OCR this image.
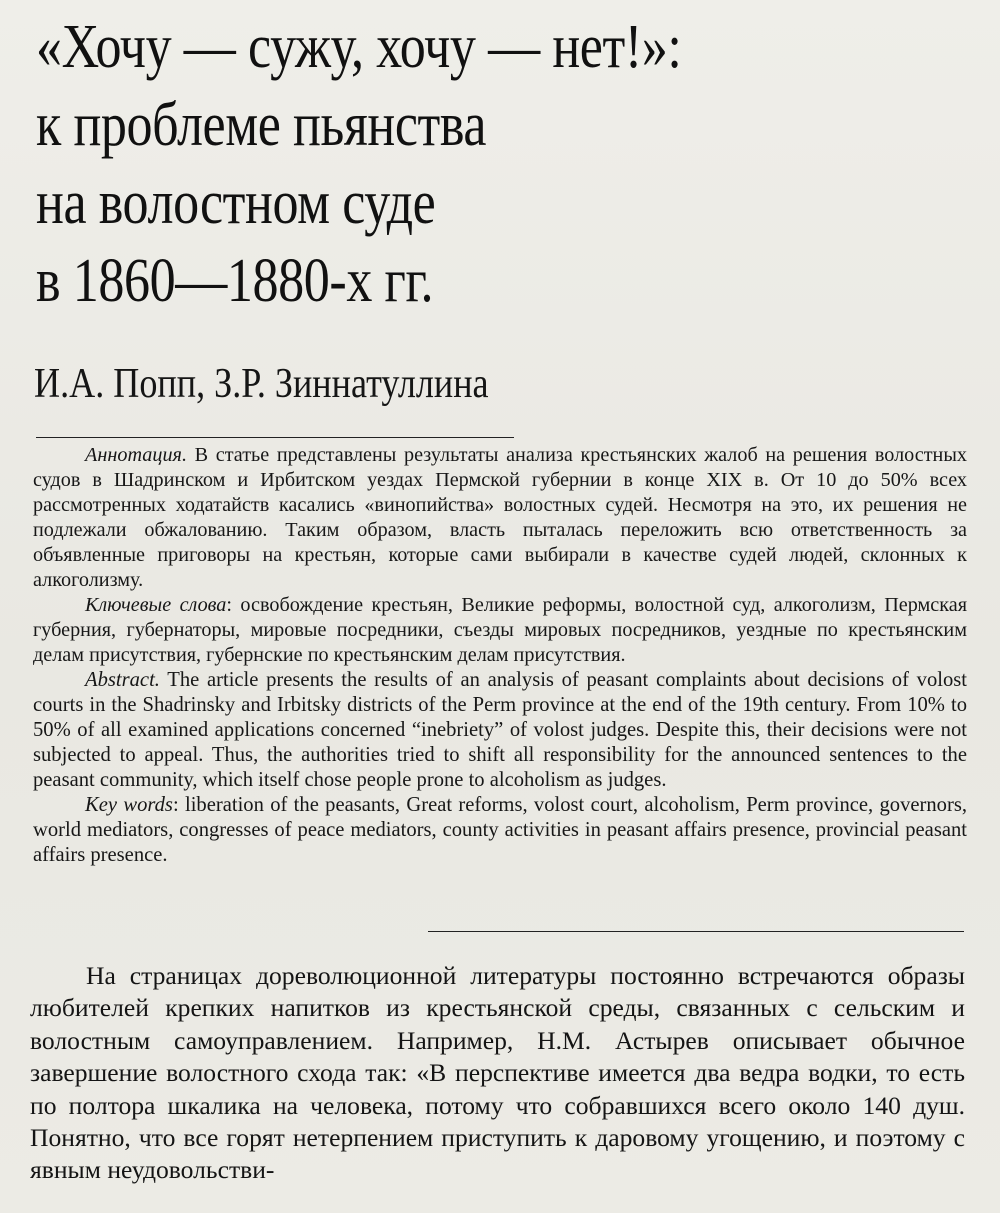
«Хочу — сужу, хочу — нет!»:
к проблеме пьянства
на волостном суде
в 1860—1880-х гг.
И.А. Попп, З.Р. Зиннатуллина

Аннотация. В статье представлены результаты анализа крестьянских жалоб на решения волостных судов в Шадринском и Ирбитском уездах Пермской губернии в конце XIX в. От 10 до 50% всех рассмотренных ходатайств касались «винопийства» волостных судей. Несмотря на это, их решения не подлежали обжалованию. Таким образом, власть пыталась переложить всю ответственность за объявленные приговоры на крестьян, которые сами выбирали в качестве судей людей, склонных к алкоголизму.

Ключевые слова: освобождение крестьян, Великие реформы, волостной суд, алкоголизм, Пермская губерния, губернаторы, мировые посредники, съезды мировых посредников, уездные по крестьянским делам присутствия, губернские по крестьянским делам присутствия.

Abstract. The article presents the results of an analysis of peasant complaints about decisions of volost courts in the Shadrinsky and Irbitsky districts of the Perm province at the end of the 19th century. From 10% to 50% of all examined applications concerned “inebriety” of volost judges. Despite this, their decisions were not subjected to appeal. Thus, the authorities tried to shift all responsibility for the announced sentences to the peasant community, which itself chose people prone to alcoholism as judges.

Key words: liberation of the peasants, Great reforms, volost court, alcoholism, Perm province, governors, world mediators, congresses of peace mediators, county activities in peasant affairs presence, provincial peasant affairs presence.

На страницах дореволюционной литературы постоянно встречаются образы любителей крепких напитков из крестьянской среды, связанных с сельским и волостным самоуправлением. Например, Н.М. Астырев описывает обычное завершение волостного схода так: «В перспективе имеется два ведра водки, то есть по полтора шкалика на человека, потому что собравшихся всего около 140 душ. Понятно, что все горят нетерпением приступить к даровому угощению, и поэтому с явным неудовольстви-
